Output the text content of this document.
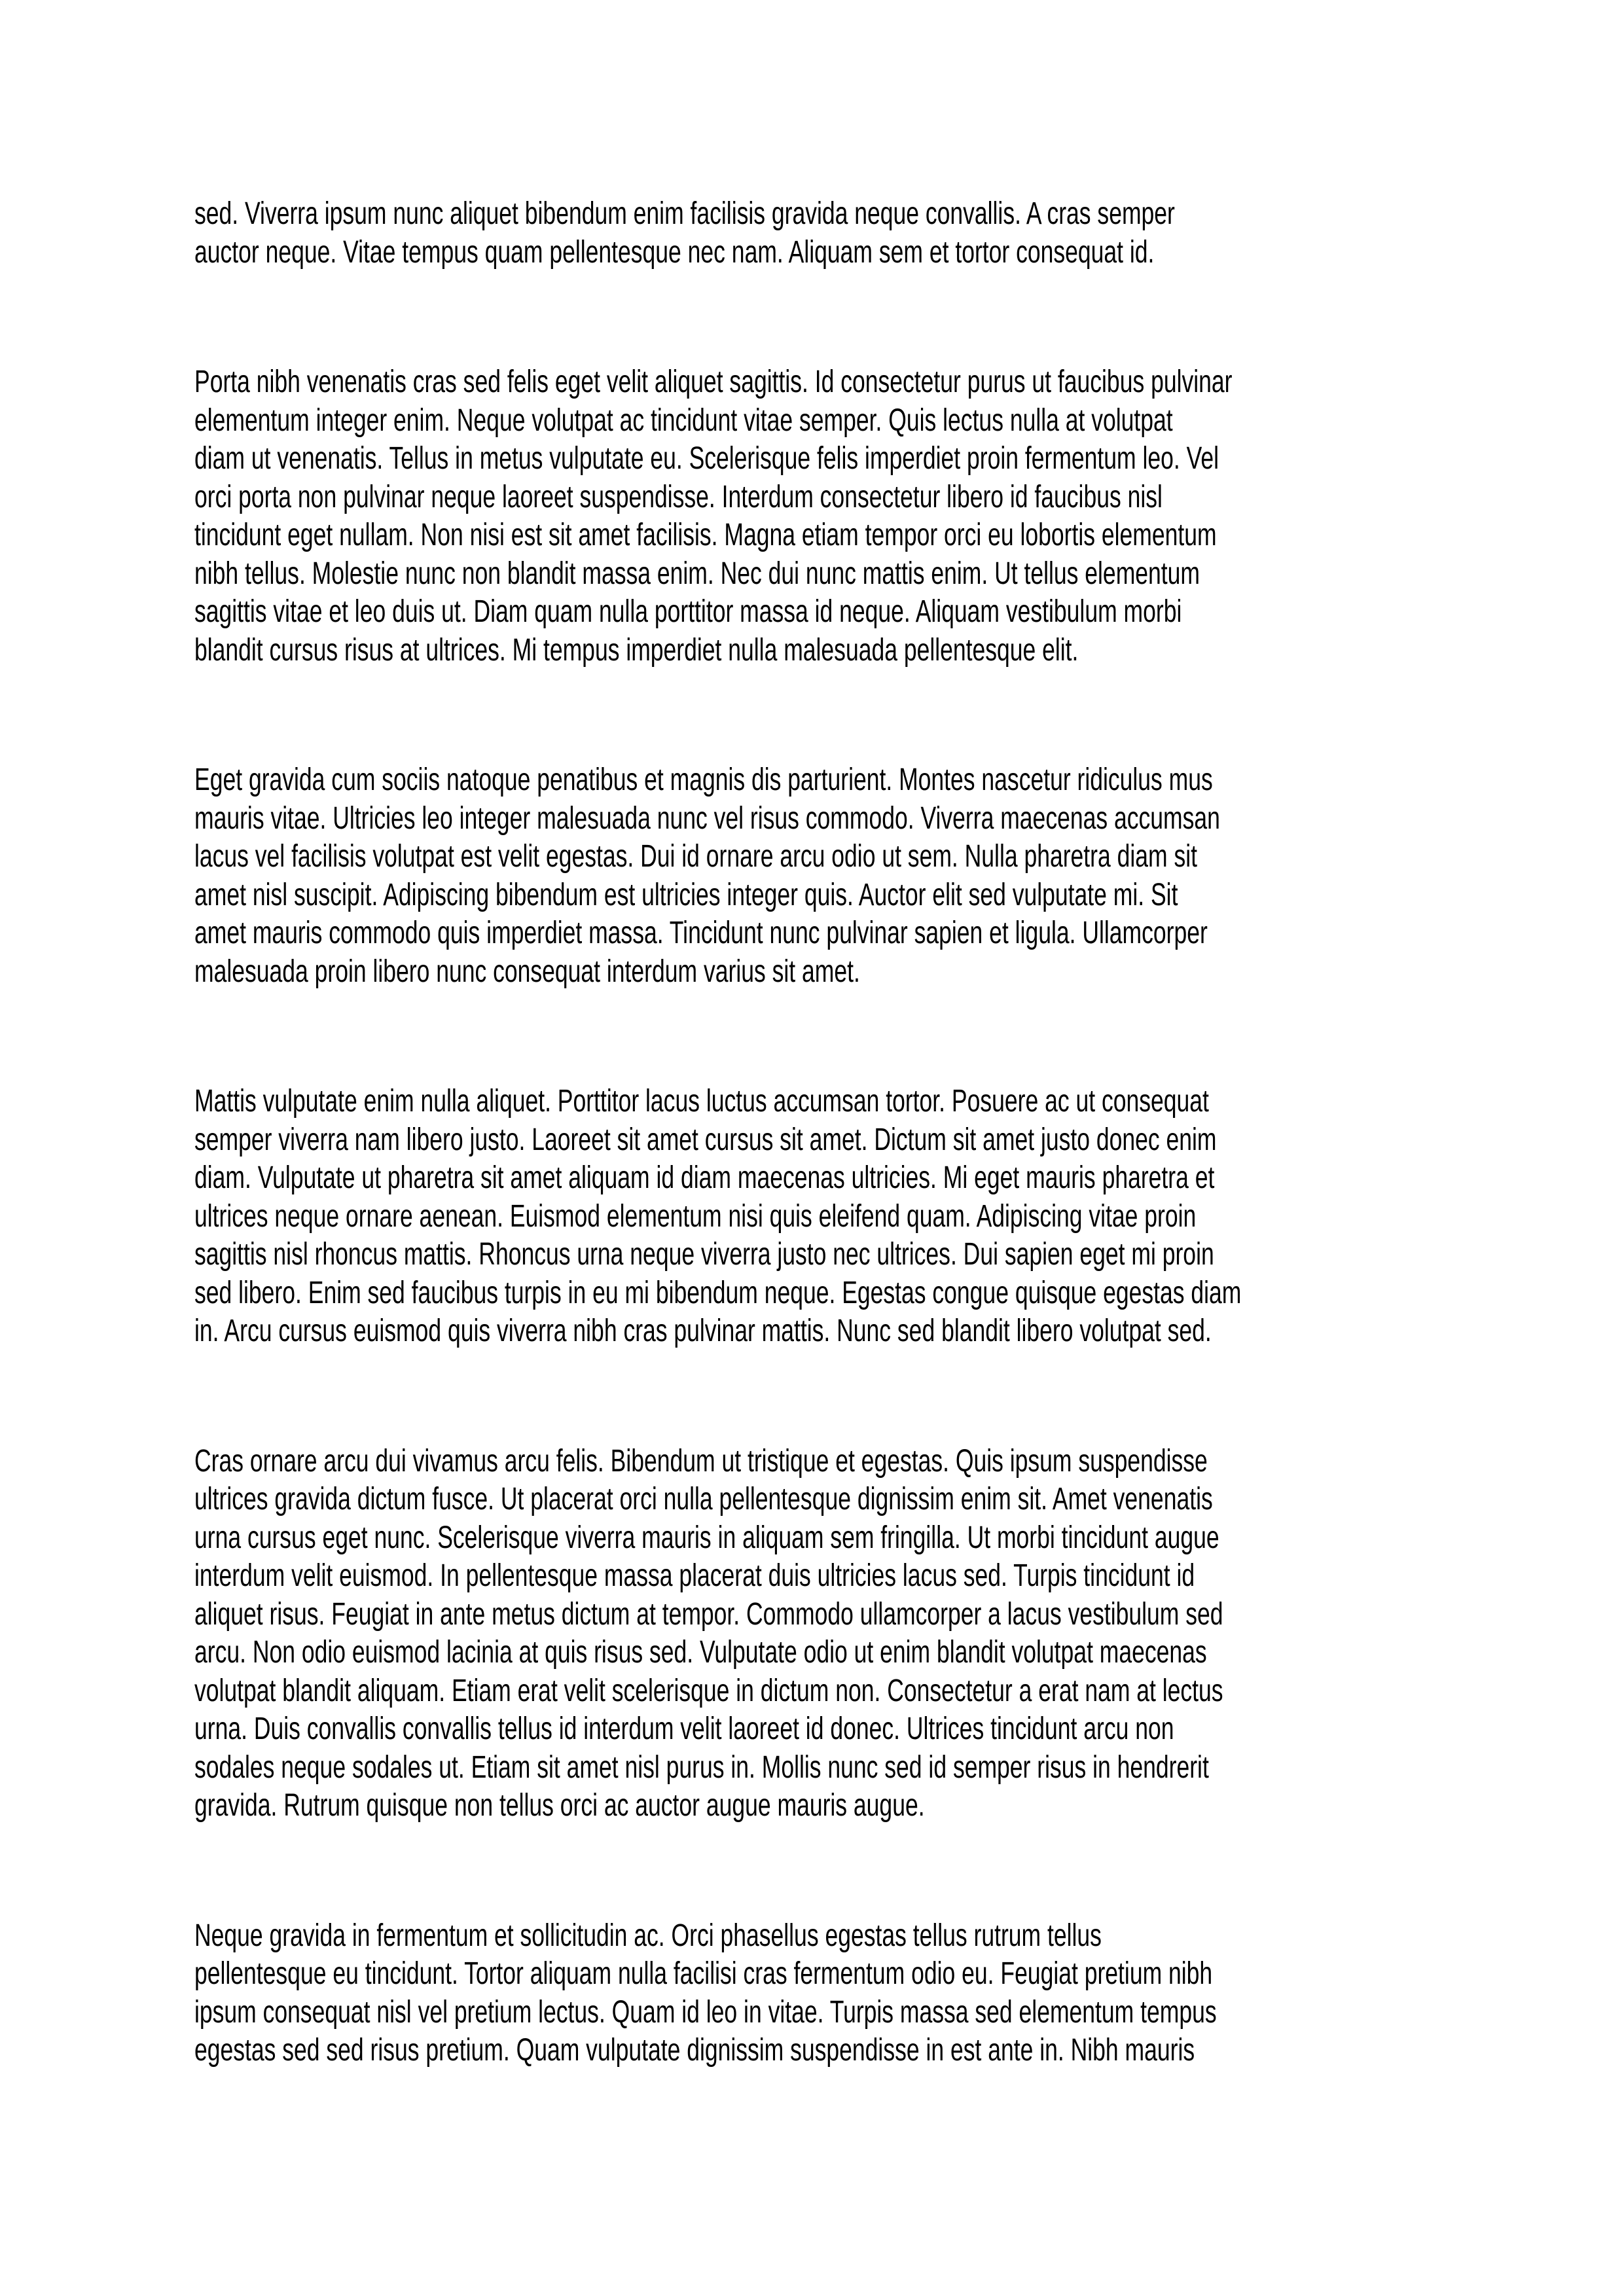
sed. Viverra ipsum nunc aliquet bibendum enim facilisis gravida neque convallis. A cras semper
auctor neque. Vitae tempus quam pellentesque nec nam. Aliquam sem et tortor consequat id.
Porta nibh venenatis cras sed felis eget velit aliquet sagittis. Id consectetur purus ut faucibus pulvinar
elementum integer enim. Neque volutpat ac tincidunt vitae semper. Quis lectus nulla at volutpat
diam ut venenatis. Tellus in metus vulputate eu. Scelerisque felis imperdiet proin fermentum leo. Vel
orci porta non pulvinar neque laoreet suspendisse. Interdum consectetur libero id faucibus nisl
tincidunt eget nullam. Non nisi est sit amet facilisis. Magna etiam tempor orci eu lobortis elementum
nibh tellus. Molestie nunc non blandit massa enim. Nec dui nunc mattis enim. Ut tellus elementum
sagittis vitae et leo duis ut. Diam quam nulla porttitor massa id neque. Aliquam vestibulum morbi
blandit cursus risus at ultrices. Mi tempus imperdiet nulla malesuada pellentesque elit.
Eget gravida cum sociis natoque penatibus et magnis dis parturient. Montes nascetur ridiculus mus
mauris vitae. Ultricies leo integer malesuada nunc vel risus commodo. Viverra maecenas accumsan
lacus vel facilisis volutpat est velit egestas. Dui id ornare arcu odio ut sem. Nulla pharetra diam sit
amet nisl suscipit. Adipiscing bibendum est ultricies integer quis. Auctor elit sed vulputate mi. Sit
amet mauris commodo quis imperdiet massa. Tincidunt nunc pulvinar sapien et ligula. Ullamcorper
malesuada proin libero nunc consequat interdum varius sit amet.
Mattis vulputate enim nulla aliquet. Porttitor lacus luctus accumsan tortor. Posuere ac ut consequat
semper viverra nam libero justo. Laoreet sit amet cursus sit amet. Dictum sit amet justo donec enim
diam. Vulputate ut pharetra sit amet aliquam id diam maecenas ultricies. Mi eget mauris pharetra et
ultrices neque ornare aenean. Euismod elementum nisi quis eleifend quam. Adipiscing vitae proin
sagittis nisl rhoncus mattis. Rhoncus urna neque viverra justo nec ultrices. Dui sapien eget mi proin
sed libero. Enim sed faucibus turpis in eu mi bibendum neque. Egestas congue quisque egestas diam
in. Arcu cursus euismod quis viverra nibh cras pulvinar mattis. Nunc sed blandit libero volutpat sed.
Cras ornare arcu dui vivamus arcu felis. Bibendum ut tristique et egestas. Quis ipsum suspendisse
ultrices gravida dictum fusce. Ut placerat orci nulla pellentesque dignissim enim sit. Amet venenatis
urna cursus eget nunc. Scelerisque viverra mauris in aliquam sem fringilla. Ut morbi tincidunt augue
interdum velit euismod. In pellentesque massa placerat duis ultricies lacus sed. Turpis tincidunt id
aliquet risus. Feugiat in ante metus dictum at tempor. Commodo ullamcorper a lacus vestibulum sed
arcu. Non odio euismod lacinia at quis risus sed. Vulputate odio ut enim blandit volutpat maecenas
volutpat blandit aliquam. Etiam erat velit scelerisque in dictum non. Consectetur a erat nam at lectus
urna. Duis convallis convallis tellus id interdum velit laoreet id donec. Ultrices tincidunt arcu non
sodales neque sodales ut. Etiam sit amet nisl purus in. Mollis nunc sed id semper risus in hendrerit
gravida. Rutrum quisque non tellus orci ac auctor augue mauris augue.
Neque gravida in fermentum et sollicitudin ac. Orci phasellus egestas tellus rutrum tellus
pellentesque eu tincidunt. Tortor aliquam nulla facilisi cras fermentum odio eu. Feugiat pretium nibh
ipsum consequat nisl vel pretium lectus. Quam id leo in vitae. Turpis massa sed elementum tempus
egestas sed sed risus pretium. Quam vulputate dignissim suspendisse in est ante in. Nibh mauris
